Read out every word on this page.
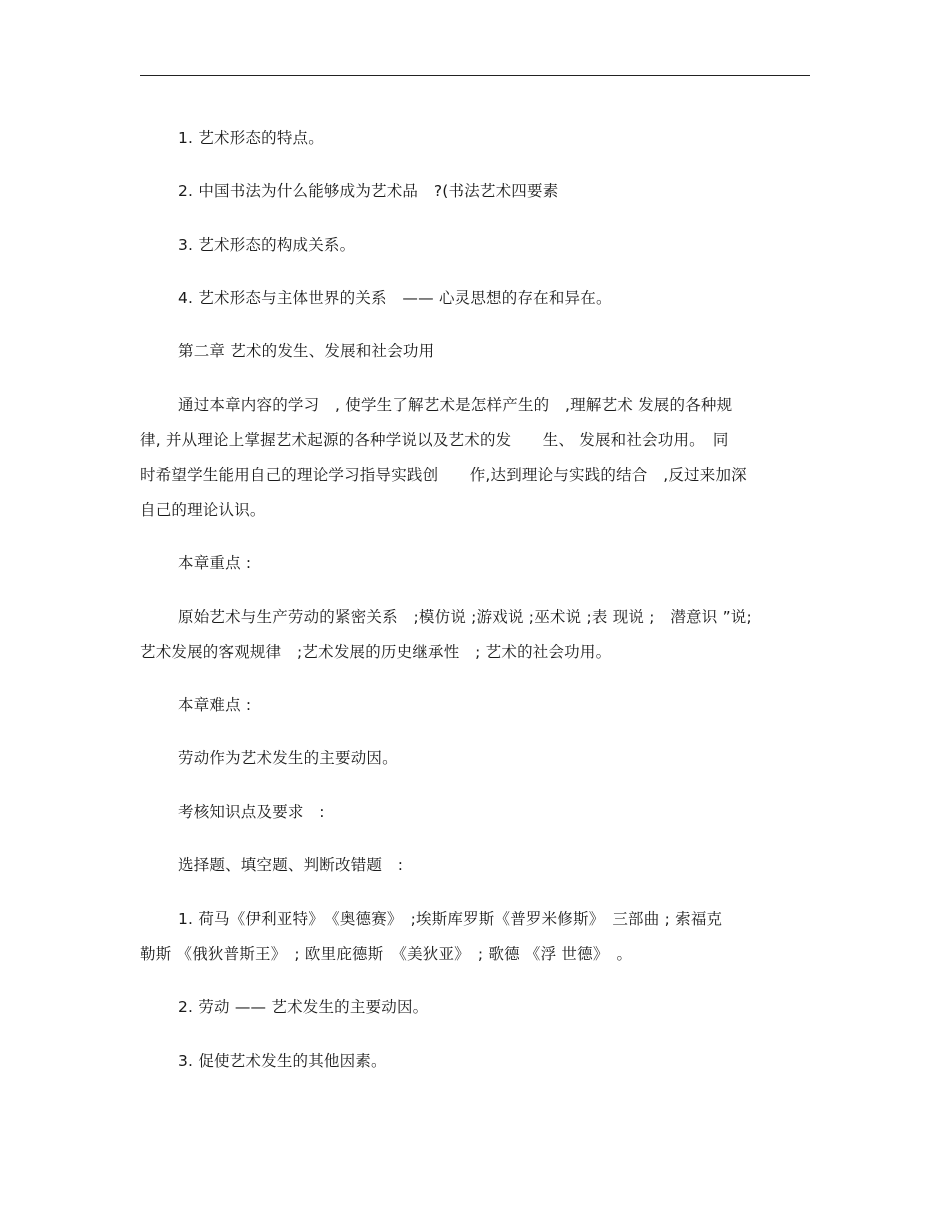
1. 艺术形态的特点。
2. 中国书法为什么能够成为艺术品　?(书法艺术四要素
3. 艺术形态的构成关系。
4. 艺术形态与主体世界的关系　—— 心灵思想的存在和异在。
第二章 艺术的发生、发展和社会功用
通过本章内容的学习　, 使学生了解艺术是怎样产生的　,理解艺术 发展的各种规
律, 并从理论上掌握艺术起源的各种学说以及艺术的发　　生、 发展和社会功用。　同
时希望学生能用自己的理论学习指导实践创　　作,达到理论与实践的结合　,反过来加深
自己的理论认识。
本章重点 :
原始艺术与生产劳动的紧密关系　;模仿说 ;游戏说 ;巫术说 ;表 现说 ;　潜意识 ”说;
艺术发展的客观规律　;艺术发展的历史继承性　; 艺术的社会功用。
本章难点 :
劳动作为艺术发生的主要动因。
考核知识点及要求　:
选择题、填空题、判断改错题　:
1. 荷马《伊利亚特》　《奥德赛》　;埃斯库罗斯《普罗米修斯》　三部曲 ; 索福克
勒斯 《俄狄普斯王》　; 欧里庇德斯　《美狄亚》　; 歌德 《浮 世德》　。
2. 劳动 —— 艺术发生的主要动因。
3. 促使艺术发生的其他因素。
